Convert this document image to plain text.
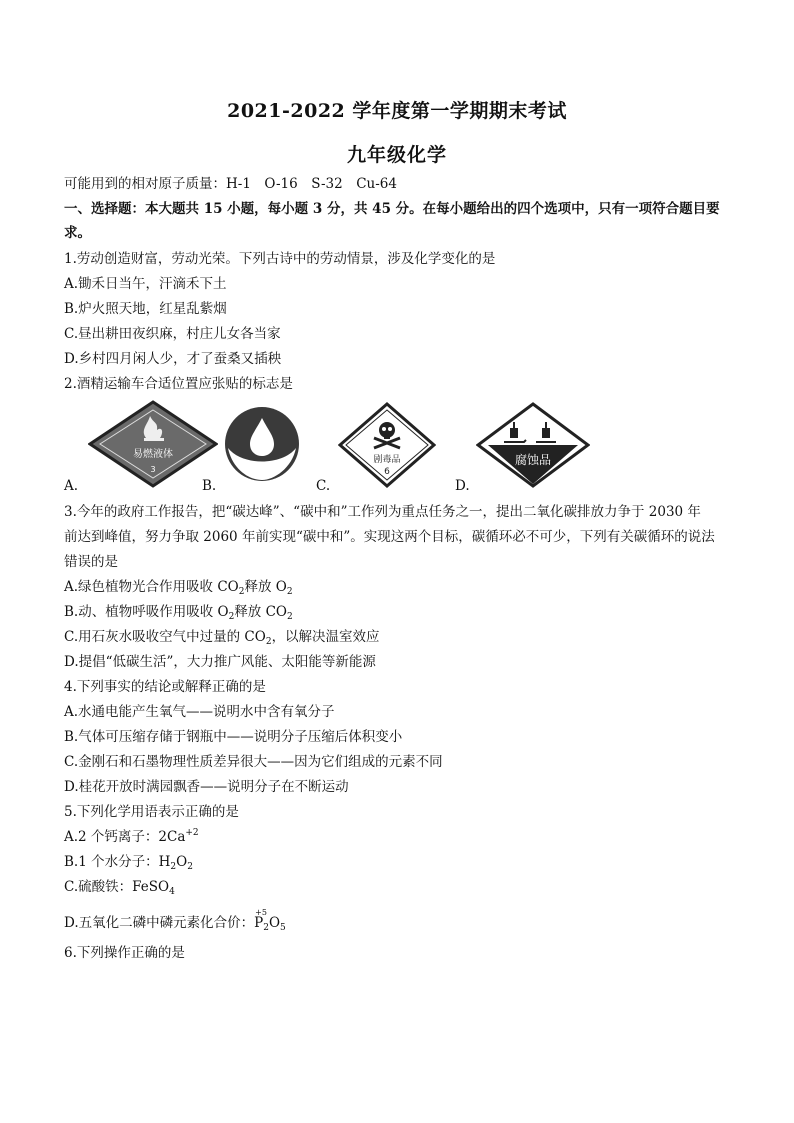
2021-2022 学年度第一学期期末考试
九年级化学
可能用到的相对原子质量：H-1　O-16　S-32　Cu-64
一、选择题：本大题共 15 小题，每小题 3 分，共 45 分。在每小题给出的四个选项中，只有一项符合题目要
求。
1.劳动创造财富，劳动光荣。下列古诗中的劳动情景，涉及化学变化的是
A.锄禾日当午，汗滴禾下土
B.炉火照天地，红星乱紫烟
C.昼出耕田夜织麻，村庄儿女各当家
D.乡村四月闲人少，才了蚕桑又插秧
2.酒精运输车合适位置应张贴的标志是
易燃液体
3
A.	B.
剧毒品
6
C.
腐蚀品
D.
3.今年的政府工作报告，把“碳达峰”、“碳中和”工作列为重点任务之一，提出二氧化碳排放力争于 2030 年
前达到峰值，努力争取 2060 年前实现“碳中和”。实现这两个目标，碳循环必不可少，下列有关碳循环的说法
错误的是
A.绿色植物光合作用吸收 $CO_2$释放 $O_2$
B.动、植物呼吸作用吸收 $O_2$释放 $CO_2$
C.用石灰水吸收空气中过量的 $CO_2$，以解决温室效应
D.提倡“低碳生活”，大力推广风能、太阳能等新能源
4.下列事实的结论或解释正确的是
A.水通电能产生氧气——说明水中含有氧分子
B.气体可压缩存储于钢瓶中——说明分子压缩后体积变小
C.金刚石和石墨物理性质差异很大——因为它们组成的元素不同
D.桂花开放时满园飘香——说明分子在不断运动
5.下列化学用语表示正确的是
A.2 个钙离子：$2Ca^{+2}$
B.1 个水分子：$H_2O_2$
C.硫酸铁：FeSO$_4$
D.五氧化二磷中磷元素化合价：
+5
$P_2O_5$
6.下列操作正确的是
